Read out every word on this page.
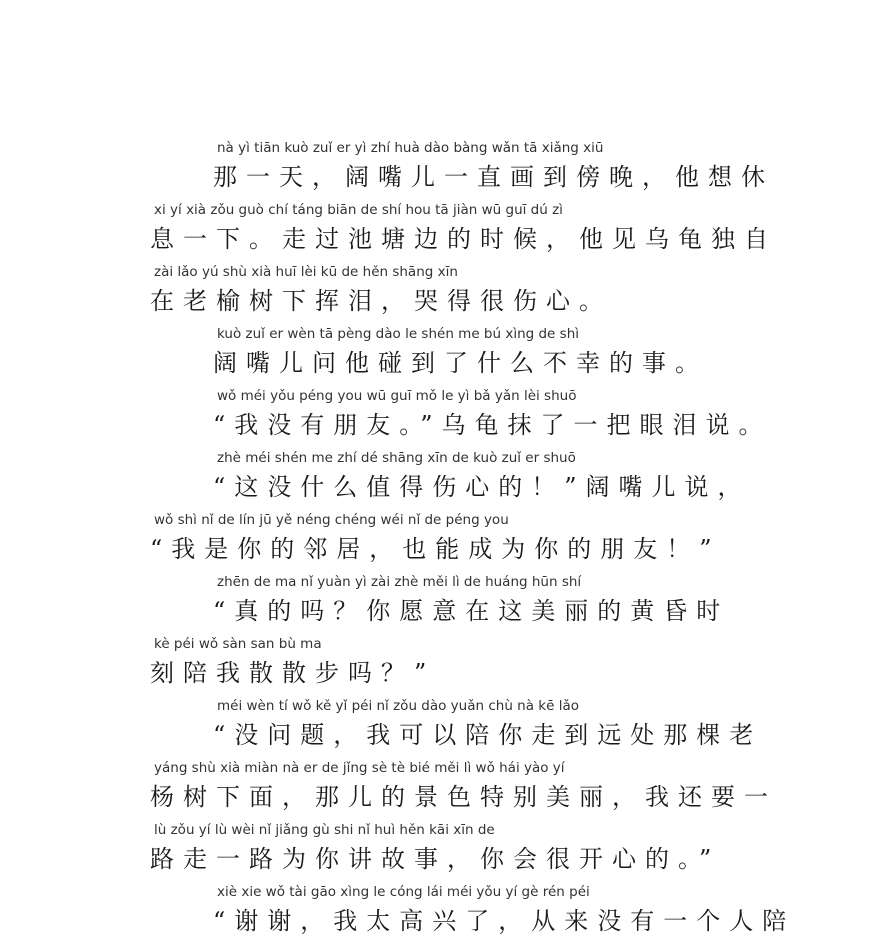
nà yì tiān kuò zuǐ er yì zhí huà dào bàng wǎn tā xiǎng xiū
那一天，阔嘴儿一直画到傍晚，他想休
xi yí xià zǒu guò chí táng biān de shí hou tā jiàn wū guī dú zì
息一下。走过池塘边的时候，他见乌龟独自
zài lǎo yú shù xià huī lèi kū de hěn shāng xīn
在老榆树下挥泪，哭得很伤心。
kuò zuǐ er wèn tā pèng dào le shén me bú xìng de shì
阔嘴儿问他碰到了什么不幸的事。
wǒ méi yǒu péng you wū guī mǒ le yì bǎ yǎn lèi shuō
“我没有朋友。”乌龟抹了一把眼泪说。
zhè méi shén me zhí dé shāng xīn de kuò zuǐ er shuō
“这没什么值得伤心的！”阔嘴儿说，
wǒ shì nǐ de lín jū yě néng chéng wéi nǐ de péng you
“我是你的邻居，也能成为你的朋友！”
zhēn de ma nǐ yuàn yì zài zhè měi lì de huáng hūn shí
“真的吗？你愿意在这美丽的黄昏时
kè péi wǒ sàn san bù ma
刻陪我散散步吗？”
méi wèn tí wǒ kě yǐ péi nǐ zǒu dào yuǎn chù nà kē lǎo
“没问题，我可以陪你走到远处那棵老
yáng shù xià miàn nà er de jǐng sè tè bié měi lì wǒ hái yào yí
杨树下面，那儿的景色特别美丽，我还要一
lù zǒu yí lù wèi nǐ jiǎng gù shi nǐ huì hěn kāi xīn de
路走一路为你讲故事，你会很开心的。”
xiè xie wǒ tài gāo xìng le cóng lái méi yǒu yí gè rén péi
“谢谢，我太高兴了，从来没有一个人陪
